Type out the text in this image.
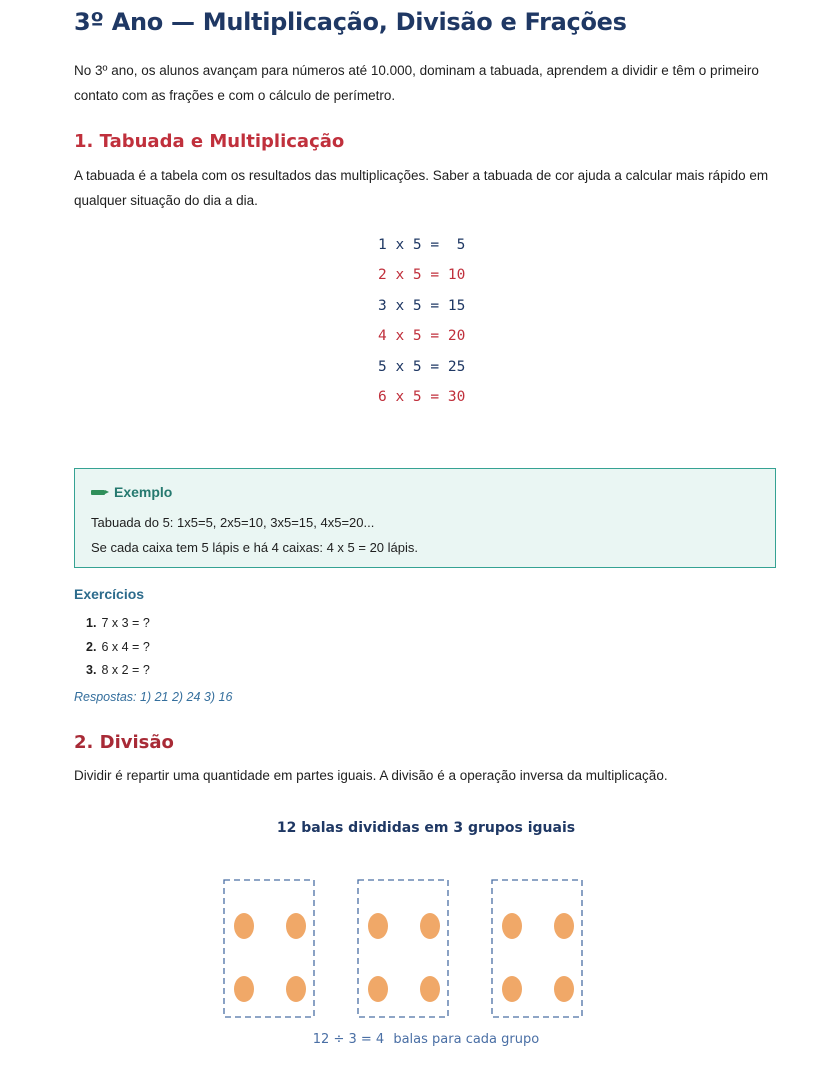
3º Ano — Multiplicação, Divisão e Frações

No 3º ano, os alunos avançam para números até 10.000, dominam a tabuada, aprendem a dividir e têm o primeiro contato com as frações e com o cálculo de perímetro.

1. Tabuada e Multiplicação

A tabuada é a tabela com os resultados das multiplicações. Saber a tabuada de cor ajuda a calcular mais rápido em qualquer situação do dia a dia.

1 x 5 =  5
2 x 5 = 10
3 x 5 = 15
4 x 5 = 20
5 x 5 = 25
6 x 5 = 30
Exemplo
Tabuada do 5: 1x5=5, 2x5=10, 3x5=15, 4x5=20...
Se cada caixa tem 5 lápis e há 4 caixas: 4 x 5 = 20 lápis.
Exercícios
1. 7 x 3 = ?
2. 6 x 4 = ?
3. 8 x 2 = ?
Respostas: 1) 21 2) 24 3) 16
2. Divisão

Dividir é repartir uma quantidade em partes iguais. A divisão é a operação inversa da multiplicação.

12 balas divididas em 3 grupos iguais
12 ÷ 3 = 4 balas para cada grupo
